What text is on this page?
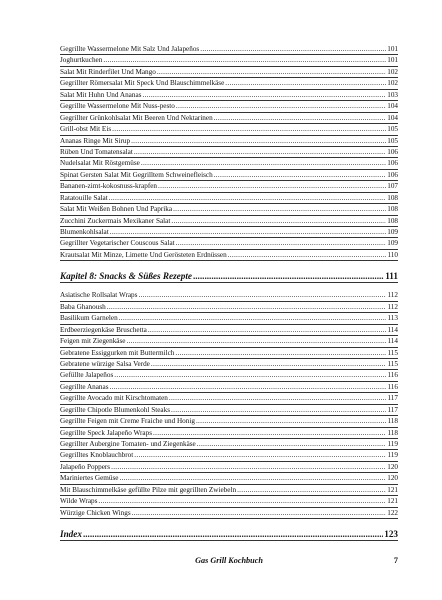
Gegrillte Wassermelone Mit Salz Und Jalapeños .....	101
Joghurtkuchen .....	101
Salat Mit Rinderfilet Und Mango .....	102
Gegrillter Römersalat Mit Speck Und Blauschimmelkäse .....	102
Salat Mit Huhn Und Ananas .....	103
Gegrillte Wassermelone Mit Nuss-pesto .....	104
Gegrillter Grünkohlsalat Mit Beeren Und Nektarinen .....	104
Grill-obst Mit Eis .....	105
Ananas Ringe Mit Sirup .....	105
Rüben Und Tomatensalat .....	106
Nudelsalat Mit Röstgemüse .....	106
Spinat Gersten Salat Mit Gegrilltem Schweinefleisch .....	106
Bananen-zimt-kokosnuss-krapfen .....	107
Ratatouille Salat .....	108
Salat Mit Weißen Bohnen Und Paprika .....	108
Zucchini Zuckermais Mexikaner Salat .....	108
Blumenkohlsalat .....	109
Gegrillter Vegetarischer Couscous Salat .....	109
Krautsalat Mit Minze, Limette Und Gerösteten Erdnüssen .....	110
Kapitel 8: Snacks & Süßes Rezepte .....	111
Asiatische Rollsalat Wraps .....	112
Baba Ghanoush .....	112
Basilikum Garnelen .....	113
Erdbeerziegenkäse Bruschetta .....	114
Feigen mit Ziegenkäse .....	114
Gebratene Essiggurken mit Buttermilch .....	115
Gebratene würzige Salsa Verde .....	115
Gefüllte Jalapeños .....	116
Gegrillte Ananas .....	116
Gegrillte Avocado mit Kirschtomaten .....	117
Gegrillte Chipotle Blumenkohl Steaks .....	117
Gegrillte Feigen mit Creme Fraiche und Honig .....	118
Gegrillte Speck Jalapeño Wraps .....	118
Gegrillter Aubergine Tomaten- und Ziegenkäse .....	119
Gegrilltes Knoblauchbrot .....	119
Jalapeño Poppers .....	120
Mariniertes Gemüse .....	120
Mit Blauschimmelkäse gefüllte Pilze mit gegrillten Zwiebeln .....	121
Wilde Wraps .....	121
Würzige Chicken Wings .....	122
Index .....	123
Gas Grill Kochbuch	7
